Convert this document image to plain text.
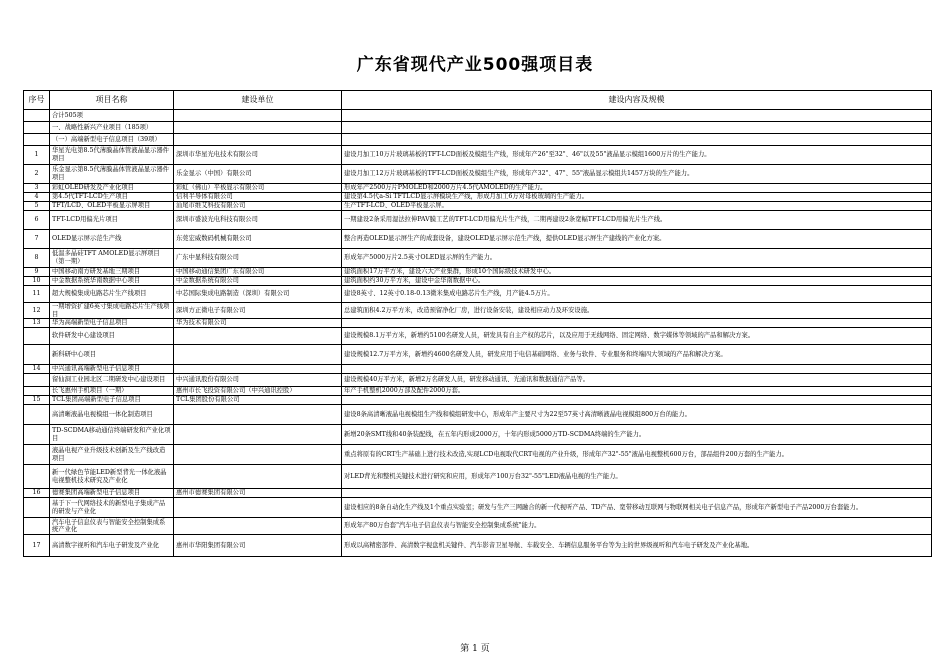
广东省现代产业500强项目表
序号	项目名称	建设单位	建设内容及规模
	合计505项		
	一、战略性新兴产业项目（185项）		
	（一）高端新型电子信息项目（39项）		
1	华星光电第8.5代薄膜晶体管液晶显示器件项目	深圳市华星光电技术有限公司	建设月加工10万片玻璃基板的TFT-LCD面板及模组生产线，形成年产26"至32"、46"以及55"液晶显示模组1600万片的生产能力。
2	乐金显示第8.5代薄膜晶体管液晶显示器件项目	乐金显示（中国）有限公司	建设月加工12万片玻璃基板的TFT-LCD面板及模组生产线，形成年产32"、47"、55"液晶显示模组共1457万块的生产能力。
3	彩虹OLED研发及产业化项目	彩虹（佛山）平板显示有限公司	形成年产2500万片PMOLED和2000万片4.5代AMOLED的生产能力。
4	第4.5代TFT-LCD生产项目	信利半导体有限公司	建设第4.5代a-Si TFTLCD显示屏模块生产线，形成月加工6万对母板玻璃的生产能力。
5	TFT/LCD、OLED平板显示屏项目	汕尾市维艾科技有限公司	生产TFT-LCD、OLED平板显示屏。
6	TFT-LCD用偏光片项目	深圳市盛波光电科技有限公司	一期建设2条采用湿法拉伸PAV膜工艺的TFT-LCD用偏光片生产线，二期再建设2条宽幅TFT-LCD用偏光片生产线。
7	OLED显示屏示范生产线	东莞宏威数码机械有限公司	整合再造OLED显示屏生产的成套设备，建设OLED显示屏示范生产线，提供OLED显示屏生产建线的产业化方案。
8	低温多晶硅TFT AMOLED显示屏项目（第一期）	广东中显科技有限公司	形成年产5000万片2.5英寸OLED显示屏的生产能力。
9	中国移动南方研发基地三期项目	中国移动通信集团广东有限公司	建筑面积17万平方米，建设六大产业集群，形成10个国际级技术研发中心。
10	中金数据系统华南数据中心项目	中金数据系统有限公司	建筑面积约30万平方米，建设中金华南数据中心。
11	超大规模集成电路芯片生产线项目	中芯国际集成电路制造（深圳）有限公司	建设8英寸、12英寸0.18-0.13微米集成电路芯片生产线，月产能4.5万片。
12	一期增资扩建6英寸集成电路芯片生产线项目	深圳方正微电子有限公司	总建筑面积4.2万平方米，改造预留净化厂房，进行设备安装，建设相应动力及环安设施。
13	华为高端新型电子信息项目	华为技术有限公司	
	软件研发中心建设项目		建设规模8.1万平方米，新增约5100名研发人员，研发具有自主产权的芯片，以及应用于无线网络、固定网络、数字媒体等领域的产品和解决方案。
	新科研中心项目		建设规模12.7万平方米，新增约4600名研发人员，研发应用于电信基础网络、业务与软件、专业服务和终端四大领域的产品和解决方案。
14	中兴通讯高端新型电子信息项目		
	留仙洞工业园北区二期研发中心建设项目	中兴通讯股份有限公司	建设规模40万平方米，新增2万名研发人员，研发移动通讯、光通讯和数据通信产品等。
	长飞惠州手机项目（一期）	惠州市长飞投资有限公司（中兴通讯控股）	年产手机整机2000万部及配件2000万套。
15	TCL集团高端新型电子信息项目	TCL集团股份有限公司	
	高清晰液晶电视模组一体化制造项目		建设8条高清晰液晶电视模组生产线和模组研发中心，形成年产主要尺寸为22至57英寸高清晰液晶电视模组800万台的能力。
	TD-SCDMA移动通信终端研发和产业化项目		新增20条SMT线和40条装配线，在五年内形成2000万，十年内形成5000万TD-SCDMA终端的生产能力。
	液晶电视产业升级技术创新及生产线改造项目		重点将原有的CRT生产基础上进行技术改造,实现LCD电视取代CRT电视的产业升级，形成年产32"-55"液晶电视整机600万台，部品组件200万套的生产能力。
	新一代绿色节能LED新型背光一体化液晶电视整机技术研究及产业化		对LED背光和整机关键技术进行研究和应用，形成年产100万台32"-55"LED液晶电视的生产能力。
16	德赛集团高端新型电子信息项目	惠州市德赛集团有限公司	
	基于下一代网络技术的新型电子集成产品的研发与产业化		建设相应的8条自动化生产线及1个重点实验室；研发与生产三网融合的新一代视听产品、TD产品、宽带移动互联网与物联网相关电子信息产品，形成年产新型电子产品2000万台套能力。
	汽车电子信息仪表与智能安全控制集成系统产业化		形成年产80万台套"汽车电子信息仪表与智能安全控制集成系统"能力。
17	高清数字视听和汽车电子研发及产业化	惠州市华阳集团有限公司	形成以高精密部件、高清数字视盘机关键件、汽车影音卫星导航、车载安全、车辆信息服务平台等为主的世界级视听和汽车电子研发及产业化基地。
第 1 页
